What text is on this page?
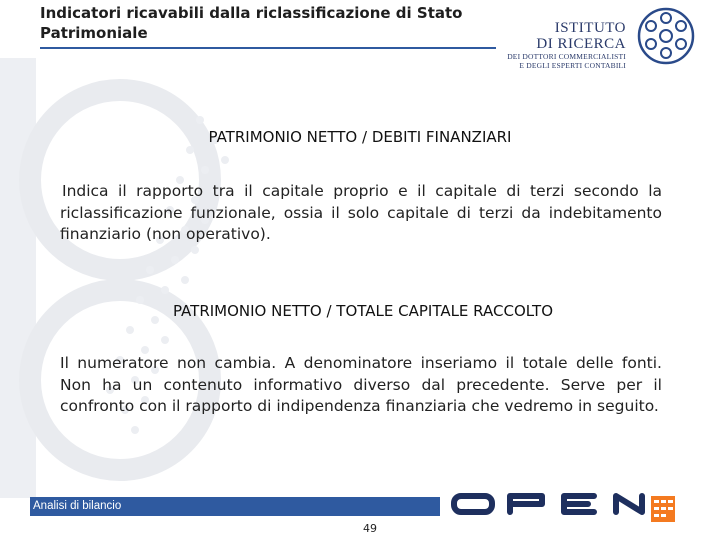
Indicatori ricavabili dalla riclassificazione di Stato Patrimoniale	ISTITUTO
DI RICERCA
DEI DOTTORI COMMERCIALISTI
E DEGLI ESPERTI CONTABILI
PATRIMONIO NETTO / DEBITI FINANZIARI
Indica il rapporto tra il capitale proprio e il capitale di terzi secondo la riclassificazione funzionale, ossia il solo capitale di terzi da indebitamento finanziario (non operativo).
PATRIMONIO NETTO / TOTALE CAPITALE RACCOLTO
Il numeratore non cambia. A denominatore inseriamo il totale delle fonti. Non ha un contenuto informativo diverso dal precedente. Serve per il confronto con il rapporto di indipendenza finanziaria che vedremo in seguito.
Analisi di bilancio
49
